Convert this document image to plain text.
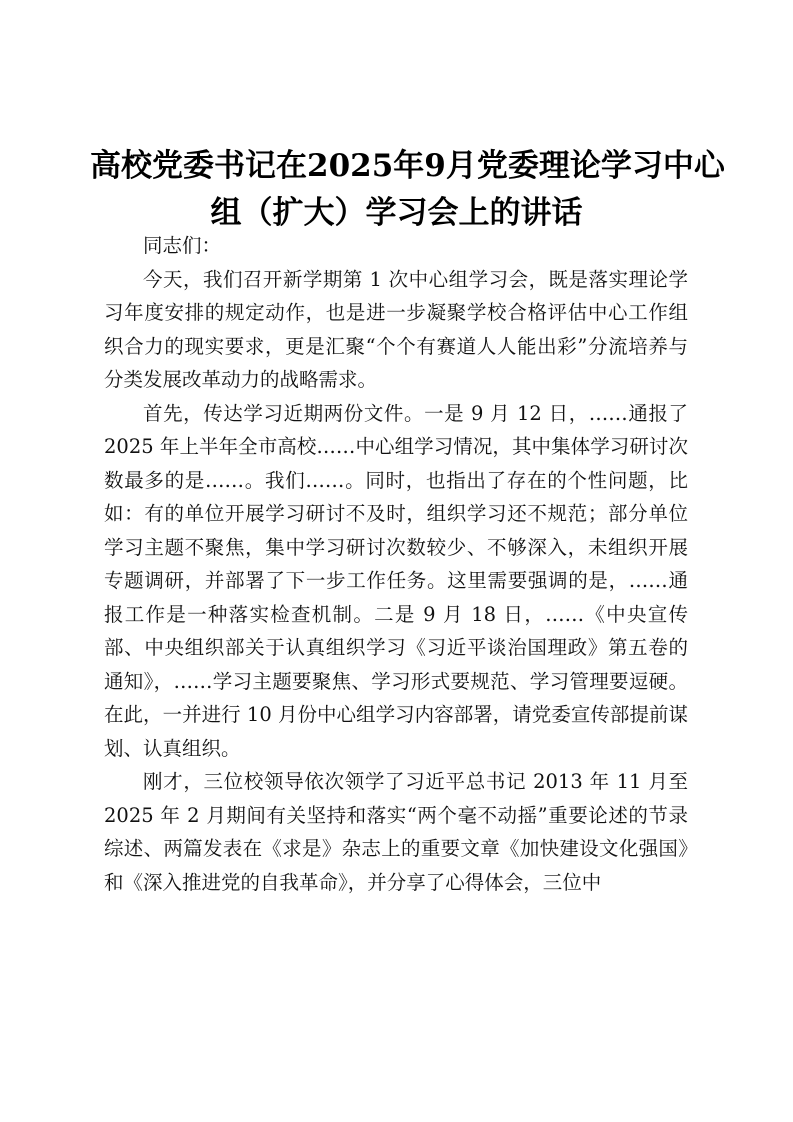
高校党委书记在2025年9月党委理论学习中心
组（扩大）学习会上的讲话

同志们：

今天，我们召开新学期第 1 次中心组学习会，既是落实理论学习年度安排的规定动作，也是进一步凝聚学校合格评估中心工作组织合力的现实要求，更是汇聚“个个有赛道人人能出彩”分流培养与分类发展改革动力的战略需求。

首先，传达学习近期两份文件。一是 9 月 12 日，……通报了 2025 年上半年全市高校……中心组学习情况，其中集体学习研讨次数最多的是……。我们……。同时，也指出了存在的个性问题，比如：有的单位开展学习研讨不及时，组织学习还不规范；部分单位学习主题不聚焦，集中学习研讨次数较少、不够深入，未组织开展专题调研，并部署了下一步工作任务。这里需要强调的是，……通报工作是一种落实检查机制。二是 9 月 18 日，……《中央宣传部、中央组织部关于认真组织学习《习近平谈治国理政》第五卷的通知》，……学习主题要聚焦、学习形式要规范、学习管理要逗硬。在此，一并进行 10 月份中心组学习内容部署，请党委宣传部提前谋划、认真组织。

刚才，三位校领导依次领学了习近平总书记 2013 年 11 月至 2025 年 2 月期间有关坚持和落实“两个毫不动摇”重要论述的节录综述、两篇发表在《求是》杂志上的重要文章《加快建设文化强国》和《深入推进党的自我革命》，并分享了心得体会，三位中
